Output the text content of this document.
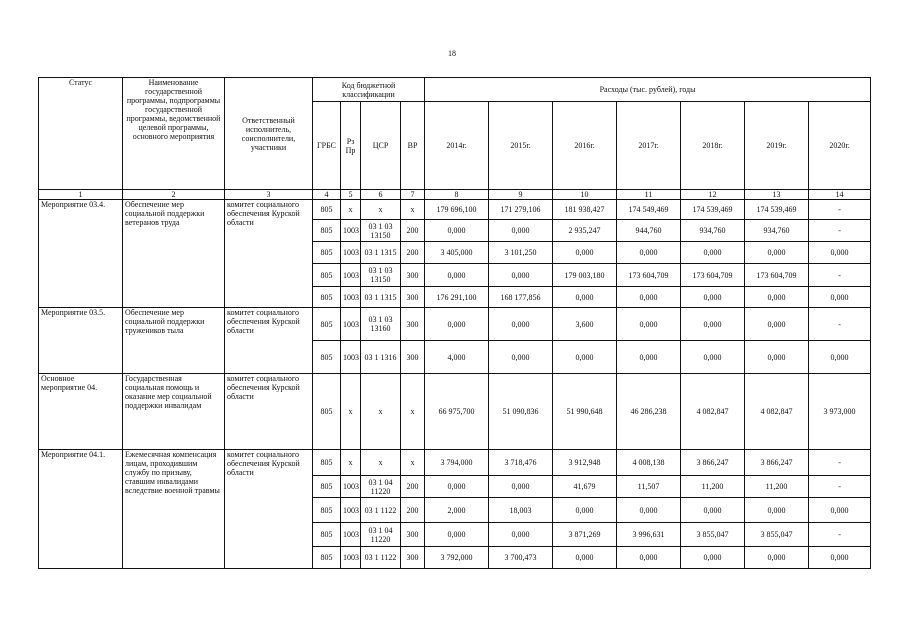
18
Статус	Наименование государственной программы, подпрограммы государственной программы, ведомственной целевой программы, основного мероприятия	Ответственный исполнитель, соисполнители, участники	Код бюджетной классификации				Расходы (тыс. рублей), годы						
			ГРБС	Рз Пр	ЦСР	ВР	2014г.	2015г.	2016г.	2017г.	2018г.	2019г.	2020г.
1	2	3	4	5	6	7	8	9	10	11	12	13	14
Мероприятие 03.4.	Обеспечение мер социальной поддержки ветеранов труда	комитет социального обеспечения Курской области	805	x	x	x	179 696,100	171 279,106	181 938,427	174 549,469	174 539,469	174 539,469	-
			805	1003	03 1 03 13150	200	0,000	0,000	2 935,247	944,760	934,760	934,760	-
			805	1003	03 1 1315	200	3 405,000	3 101,250	0,000	0,000	0,000	0,000	0,000
			805	1003	03 1 03 13150	300	0,000	0,000	179 003,180	173 604,709	173 604,709	173 604,709	-
			805	1003	03 1 1315	300	176 291,100	168 177,856	0,000	0,000	0,000	0,000	0,000
Мероприятие 03.5.	Обеспечение мер социальной поддержки тружеников тыла	комитет социального обеспечения Курской области	805	1003	03 1 03 13160	300	0,000	0,000	3,600	0,000	0,000	0,000	-
			805	1003	03 1 1316	300	4,000	0,000	0,000	0,000	0,000	0,000	0,000
Основное мероприятие 04.	Государственная социальная помощь и оказание мер социальной поддержки инвалидам	комитет социального обеспечения Курской области	805	x	x	x	66 975,700	51 090,836	51 990,648	46 286,238	4 082,847	4 082,847	3 973,000
Мероприятие 04.1.	Ежемесячная компенсация лицам, проходившим службу по призыву, ставшим инвалидами вследствие военной травмы	комитет социального обеспечения Курской области	805	x	x	x	3 794,000	3 718,476	3 912,948	4 008,138	3 866,247	3 866,247	-
			805	1003	03 1 04 11220	200	0,000	0,000	41,679	11,507	11,200	11,200	-
			805	1003	03 1 1122	200	2,000	18,003	0,000	0,000	0,000	0,000	0,000
			805	1003	03 1 04 11220	300	0,000	0,000	3 871,269	3 996,631	3 855,047	3 855,047	-
			805	1003	03 1 1122	300	3 792,000	3 700,473	0,000	0,000	0,000	0,000	0,000
